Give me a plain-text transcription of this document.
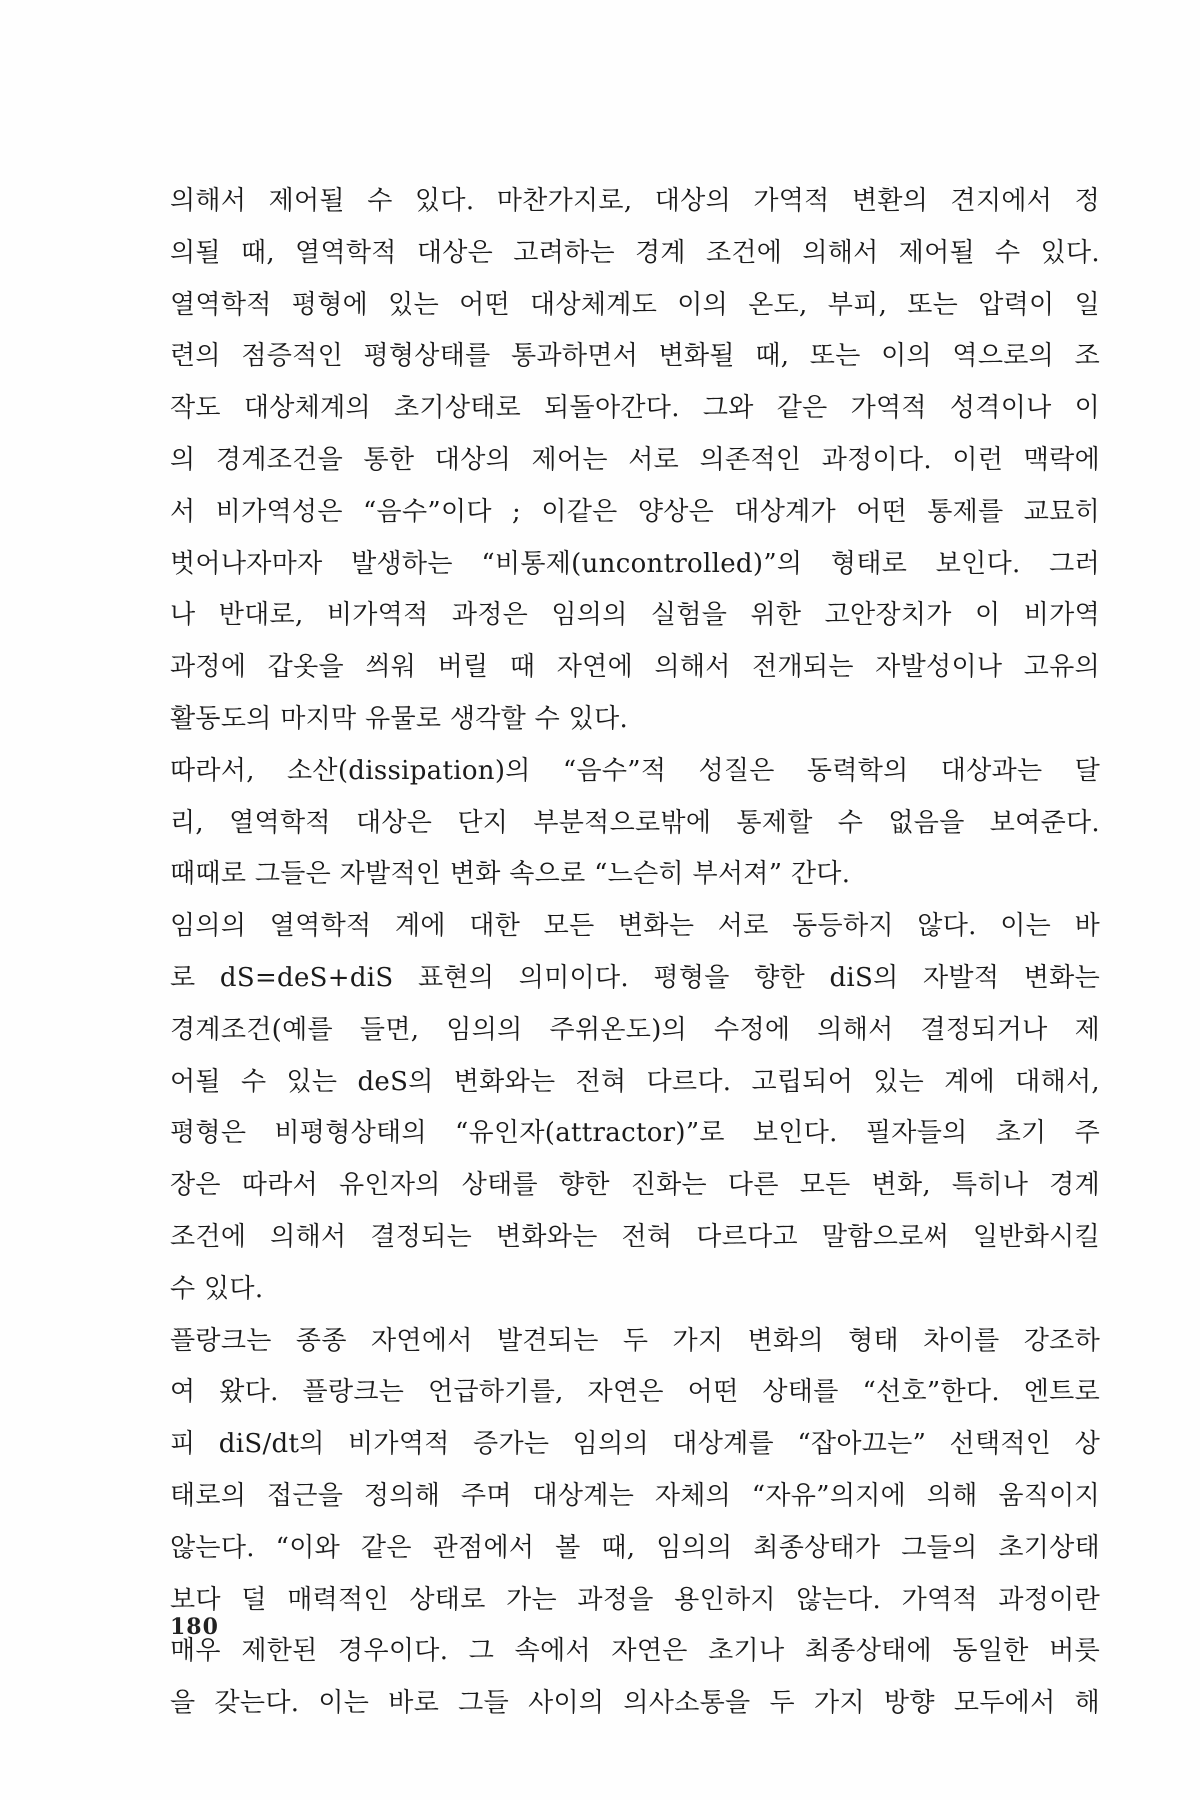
의해서 제어될 수 있다. 마찬가지로, 대상의 가역적 변환의 견지에서 정
의될 때, 열역학적 대상은 고려하는 경계 조건에 의해서 제어될 수 있다.
열역학적 평형에 있는 어떤 대상체계도 이의 온도, 부피, 또는 압력이 일
련의 점증적인 평형상태를 통과하면서 변화될 때, 또는 이의 역으로의 조
작도 대상체계의 초기상태로 되돌아간다. 그와 같은 가역적 성격이나 이
의 경계조건을 통한 대상의 제어는 서로 의존적인 과정이다. 이런 맥락에
서 비가역성은 “음수”이다 ; 이같은 양상은 대상계가 어떤 통제를 교묘히
벗어나자마자 발생하는 “비통제(uncontrolled)”의 형태로 보인다. 그러
나 반대로, 비가역적 과정은 임의의 실험을 위한 고안장치가 이 비가역
과정에 갑옷을 씌워 버릴 때 자연에 의해서 전개되는 자발성이나 고유의
활동도의 마지막 유물로 생각할 수 있다.
따라서, 소산(dissipation)의 “음수”적 성질은 동력학의 대상과는 달
리, 열역학적 대상은 단지 부분적으로밖에 통제할 수 없음을 보여준다.
때때로 그들은 자발적인 변화 속으로 “느슨히 부서져” 간다.
임의의 열역학적 계에 대한 모든 변화는 서로 동등하지 않다. 이는 바
로 dS=deS+diS 표현의 의미이다. 평형을 향한 diS의 자발적 변화는
경계조건(예를 들면, 임의의 주위온도)의 수정에 의해서 결정되거나 제
어될 수 있는 deS의 변화와는 전혀 다르다. 고립되어 있는 계에 대해서,
평형은 비평형상태의 “유인자(attractor)”로 보인다. 필자들의 초기 주
장은 따라서 유인자의 상태를 향한 진화는 다른 모든 변화, 특히나 경계
조건에 의해서 결정되는 변화와는 전혀 다르다고 말함으로써 일반화시킬
수 있다.
플랑크는 종종 자연에서 발견되는 두 가지 변화의 형태 차이를 강조하
여 왔다. 플랑크는 언급하기를, 자연은 어떤 상태를 “선호”한다. 엔트로
피 diS/dt의 비가역적 증가는 임의의 대상계를 “잡아끄는” 선택적인 상
태로의 접근을 정의해 주며 대상계는 자체의 “자유”의지에 의해 움직이지
않는다. “이와 같은 관점에서 볼 때, 임의의 최종상태가 그들의 초기상태
보다 덜 매력적인 상태로 가는 과정을 용인하지 않는다. 가역적 과정이란
매우 제한된 경우이다. 그 속에서 자연은 초기나 최종상태에 동일한 버릇
을 갖는다. 이는 바로 그들 사이의 의사소통을 두 가지 방향 모두에서 해
180
